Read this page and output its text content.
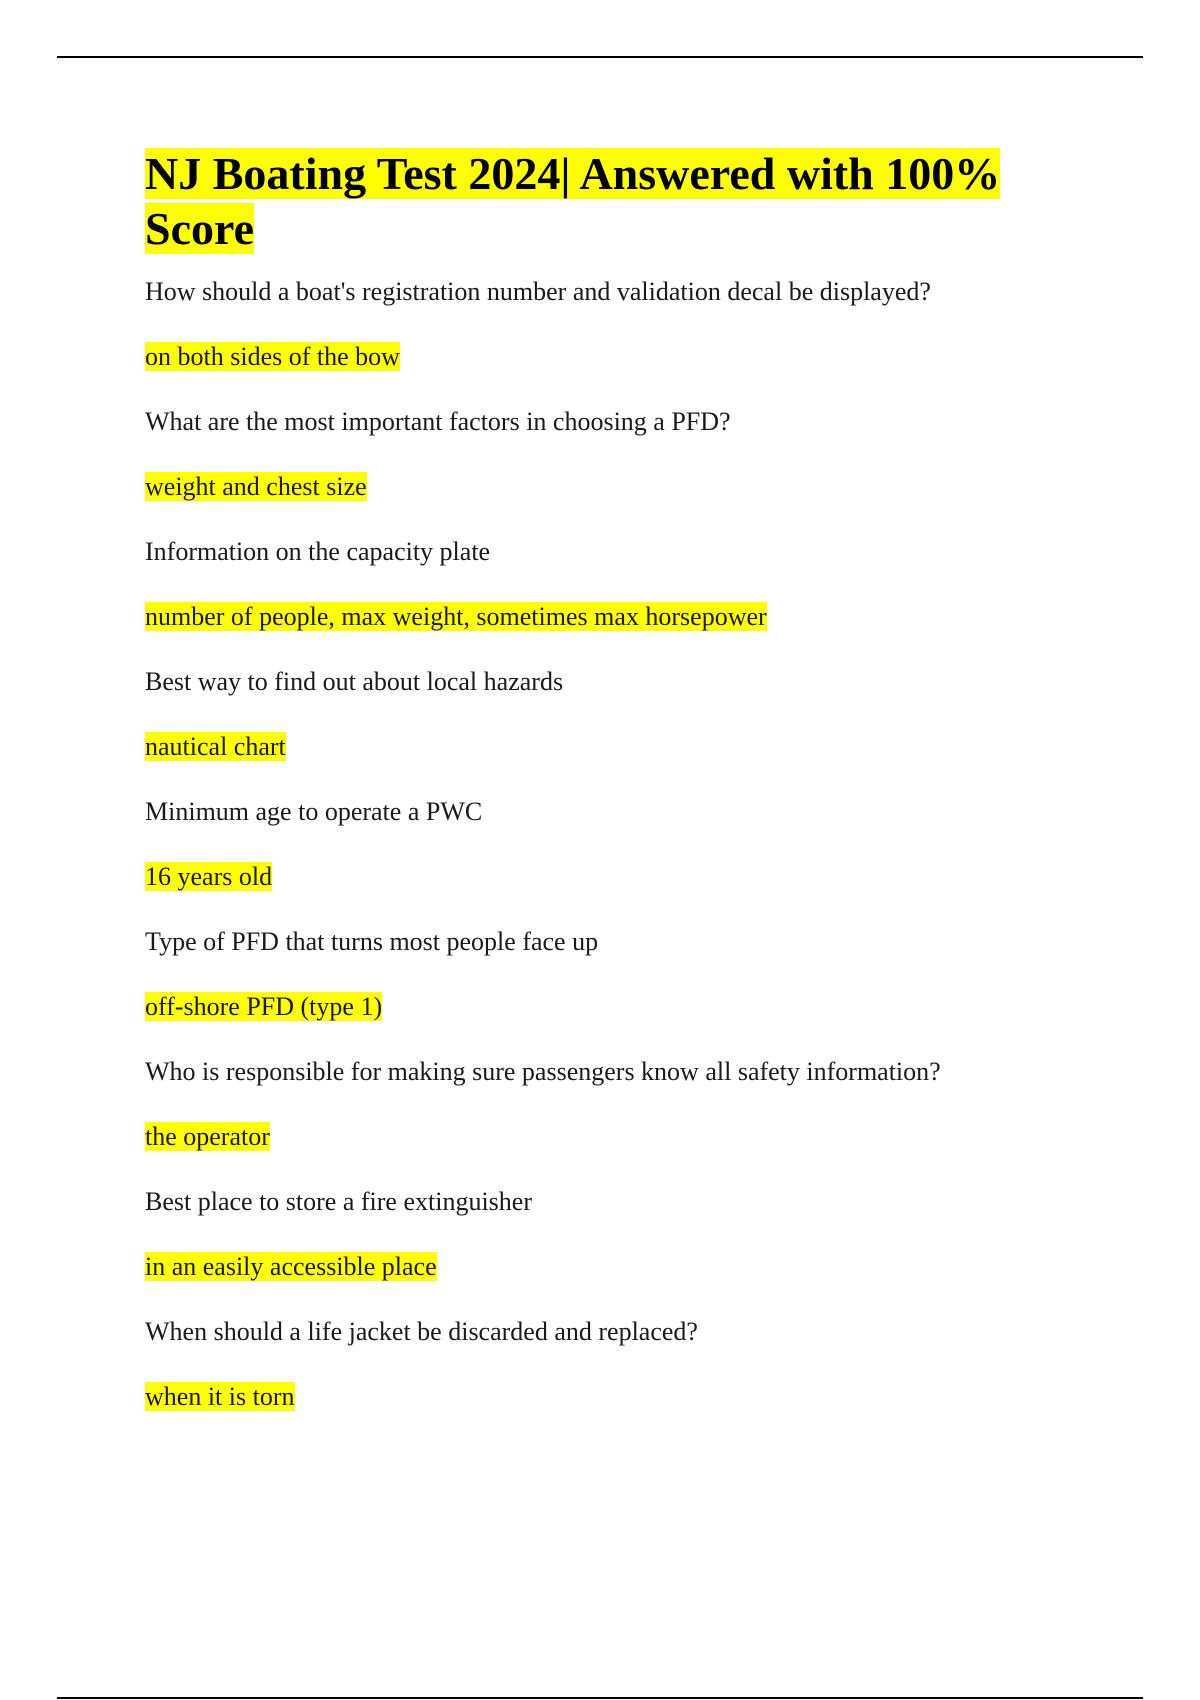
NJ Boating Test 2024| Answered with 100% Score
How should a boat's registration number and validation decal be displayed?
on both sides of the bow
What are the most important factors in choosing a PFD?
weight and chest size
Information on the capacity plate
number of people, max weight, sometimes max horsepower
Best way to find out about local hazards
nautical chart
Minimum age to operate a PWC
16 years old
Type of PFD that turns most people face up
off-shore PFD (type 1)
Who is responsible for making sure passengers know all safety information?
the operator
Best place to store a fire extinguisher
in an easily accessible place
When should a life jacket be discarded and replaced?
when it is torn
